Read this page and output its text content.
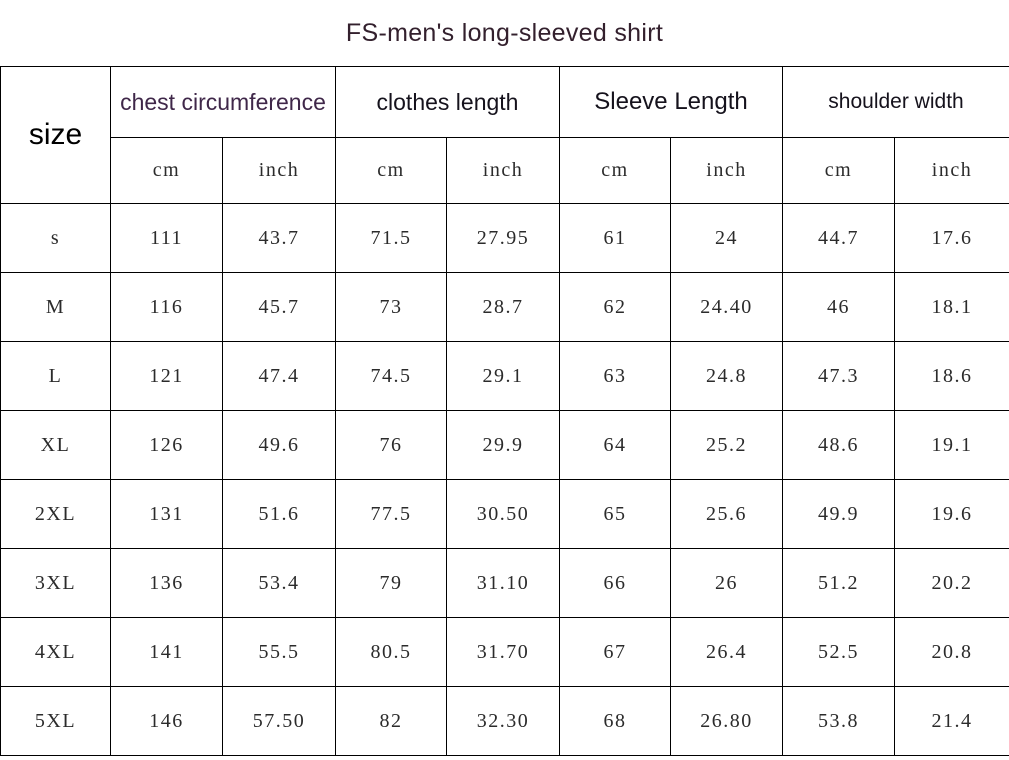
FS-men's long-sleeved shirt
size	chest circumference		clothes length		Sleeve Length		shoulder width	
	cm	inch	cm	inch	cm	inch	cm	inch
s	111	43.7	71.5	27.95	61	24	44.7	17.6
M	116	45.7	73	28.7	62	24.40	46	18.1
L	121	47.4	74.5	29.1	63	24.8	47.3	18.6
XL	126	49.6	76	29.9	64	25.2	48.6	19.1
2XL	131	51.6	77.5	30.50	65	25.6	49.9	19.6
3XL	136	53.4	79	31.10	66	26	51.2	20.2
4XL	141	55.5	80.5	31.70	67	26.4	52.5	20.8
5XL	146	57.50	82	32.30	68	26.80	53.8	21.4
